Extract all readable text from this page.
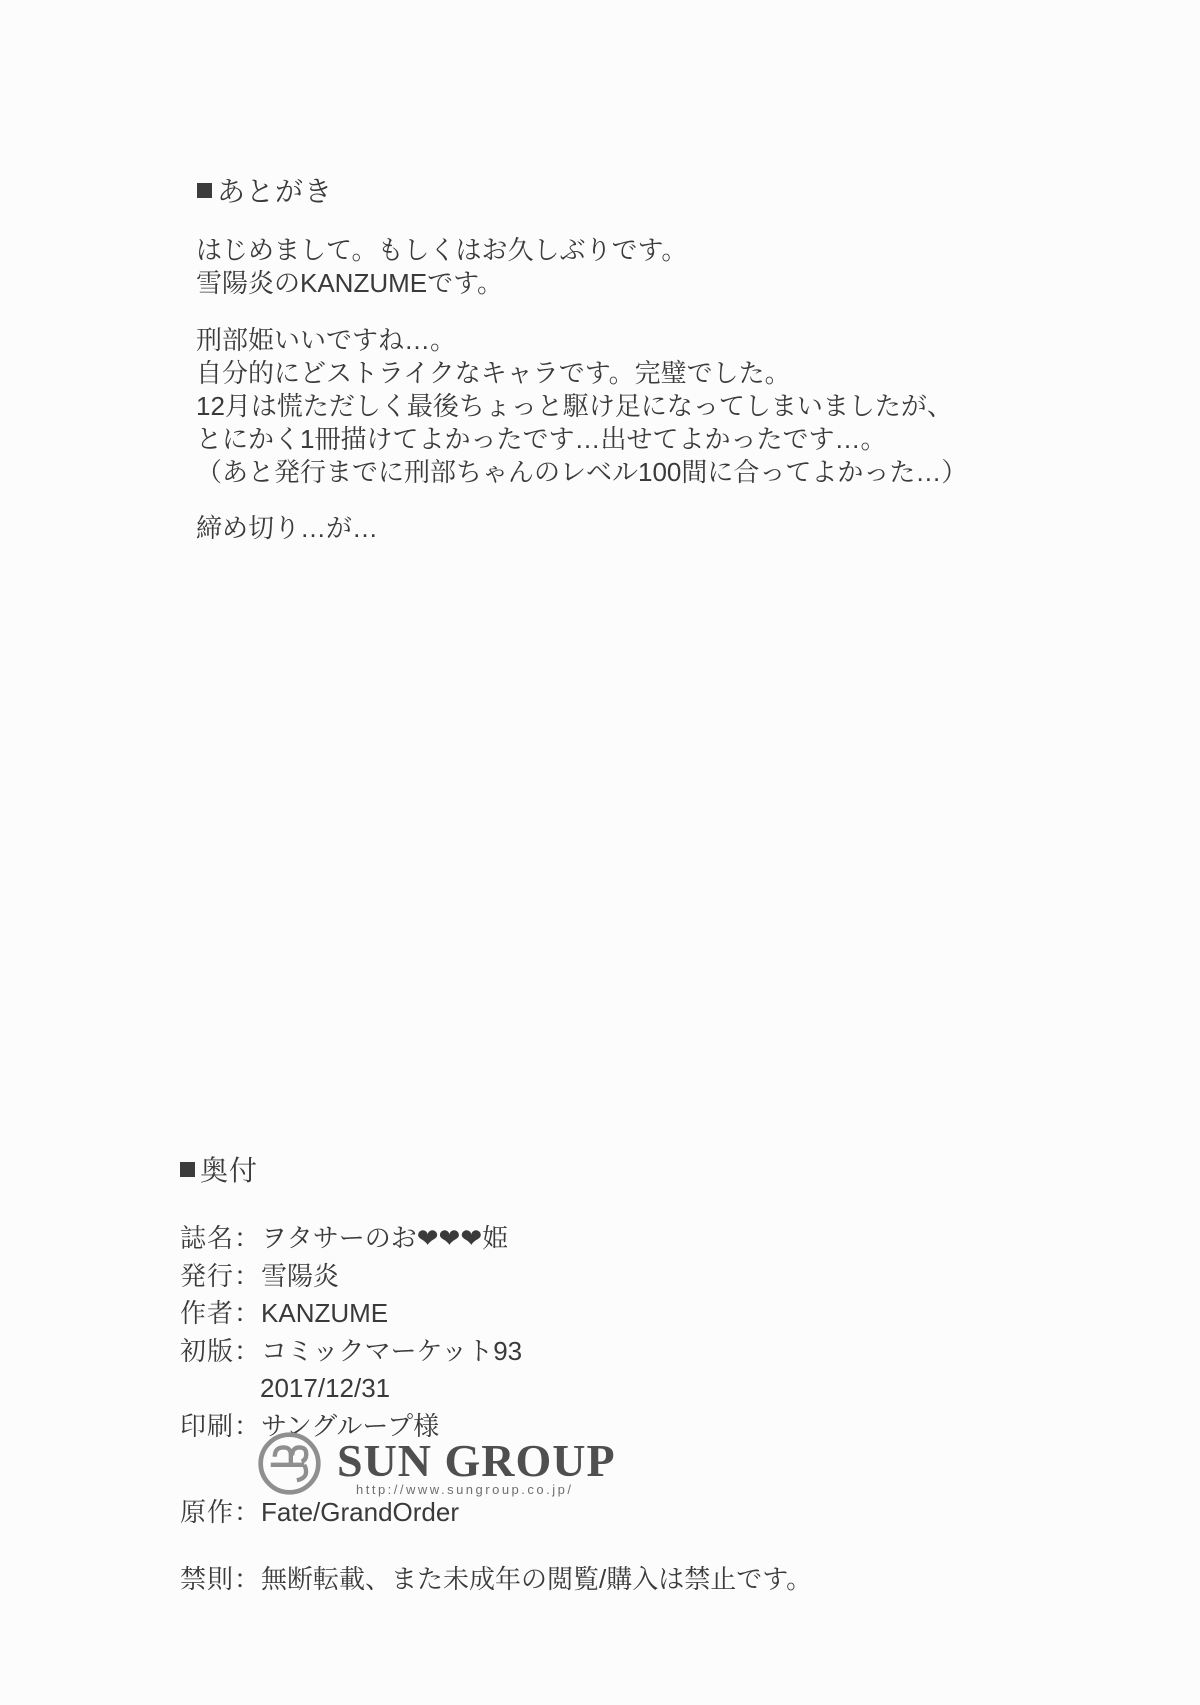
あとがき
はじめまして。もしくはお久しぶりです。
雪陽炎のKANZUMEです。
刑部姫いいですね…。
自分的にどストライクなキャラです。完璧でした。
12月は慌ただしく最後ちょっと駆け足になってしまいましたが、
とにかく1冊描けてよかったです…出せてよかったです…。
（あと発行までに刑部ちゃんのレベル100間に合ってよかった…）
締め切り…が…
奥付
誌名： ヲタサーのお❤❤❤姫
発行： 雪陽炎
作者： KANZUME
初版： コミックマーケット93
2017/12/31
印刷： サングループ様
SUN GROUP
http://www.sungroup.co.jp/
原作： Fate/GrandOrder
禁則： 無断転載、また未成年の閲覧/購入は禁止です。
